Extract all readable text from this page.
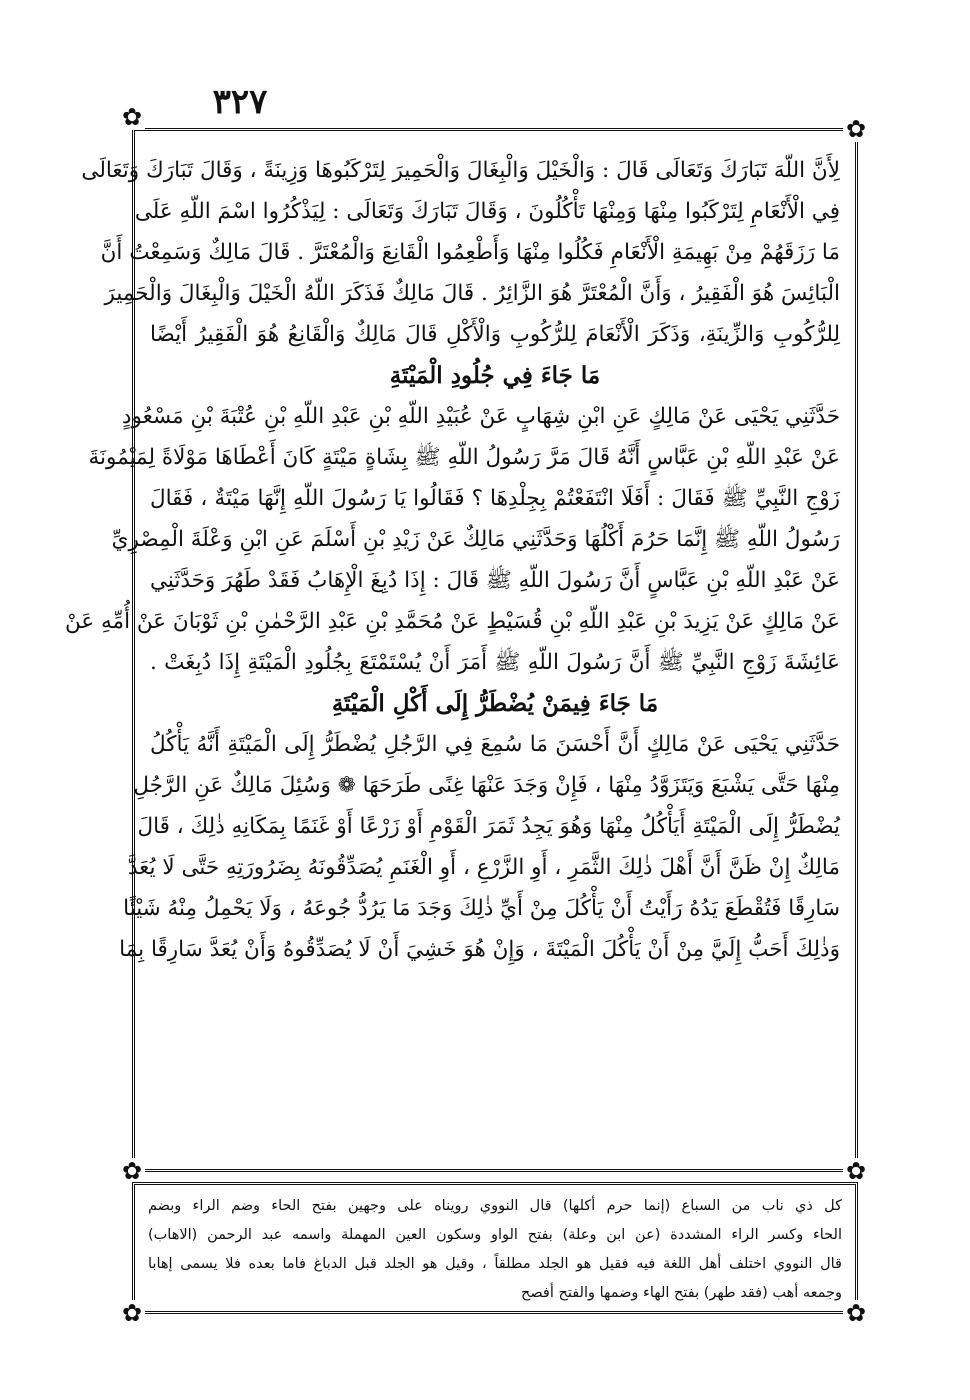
٣٢٧
✿	✿
✿	✿
لِأَنَّ اللّهَ تَبَارَكَ وَتَعَالَى قَالَ : وَالْخَيْلَ وَالْبِغَالَ وَالْحَمِيرَ لِتَرْكَبُوهَا وَزِينَةً ، وَقَالَ تَبَارَكَ وَتَعَالَى
فِي الْأَنْعَامِ لِتَرْكَبُوا مِنْهَا وَمِنْهَا تَأْكُلُونَ ، وَقَالَ تَبَارَكَ وَتَعَالَى : لِيَذْكُرُوا اسْمَ اللّهِ عَلَى
مَا رَزَقَهُمْ مِنْ بَهِيمَةِ الْأَنْعَامِ فَكُلُوا مِنْهَا وَأَطْعِمُوا الْقَانِعَ وَالْمُعْتَرَّ . قَالَ مَالِكٌ وَسَمِعْتُ أَنَّ
الْبَائِسَ هُوَ الْفَقِيرُ ، وَأَنَّ الْمُعْتَرَّ هُوَ الزَّائِرُ . قَالَ مَالِكٌ فَذَكَرَ اللّهُ الْخَيْلَ وَالْبِغَالَ وَالْحَمِيرَ
لِلرُّكُوبِ وَالزِّينَةِ، وَذَكَرَ الْأَنْعَامَ لِلرُّكُوبِ وَالْأَكْلِ قَالَ مَالِكٌ وَالْقَانِعُ هُوَ الْفَقِيرُ أَيْضًا
مَا جَاءَ فِي جُلُودِ الْمَيْتَةِ
حَدَّثَنِي يَحْيَى عَنْ مَالِكٍ عَنِ ابْنِ شِهَابٍ عَنْ عُبَيْدِ اللّهِ بْنِ عَبْدِ اللّهِ بْنِ عُتْبَةَ بْنِ مَسْعُودٍ
عَنْ عَبْدِ اللّهِ بْنِ عَبَّاسٍ أَنَّهُ قَالَ مَرَّ رَسُولُ اللّهِ ﷺ بِشَاةٍ مَيْتَةٍ كَانَ أَعْطَاهَا مَوْلَاةً لِمَيْمُونَةَ
زَوْجِ النَّبِيِّ ﷺ فَقَالَ : أَفَلَا انْتَفَعْتُمْ بِجِلْدِهَا ؟ فَقَالُوا يَا رَسُولَ اللّهِ إِنَّهَا مَيْتَةٌ ، فَقَالَ
رَسُولُ اللّهِ ﷺ إِنَّمَا حَرُمَ أَكْلُهَا وَحَدَّثَنِي مَالِكٌ عَنْ زَيْدِ بْنِ أَسْلَمَ عَنِ ابْنِ وَعْلَةَ الْمِصْرِيِّ
عَنْ عَبْدِ اللّهِ بْنِ عَبَّاسٍ أَنَّ رَسُولَ اللّهِ ﷺ قَالَ : إِذَا دُبِغَ الْإِهَابُ فَقَدْ طَهُرَ وَحَدَّثَنِي
عَنْ مَالِكٍ عَنْ يَزِيدَ بْنِ عَبْدِ اللّهِ بْنِ قُسَيْطٍ عَنْ مُحَمَّدِ بْنِ عَبْدِ الرَّحْمٰنِ بْنِ ثَوْبَانَ عَنْ أُمِّهِ عَنْ
عَائِشَةَ زَوْجِ النَّبِيِّ ﷺ أَنَّ رَسُولَ اللّهِ ﷺ أَمَرَ أَنْ يُسْتَمْتَعَ بِجُلُودِ الْمَيْتَةِ إِذَا دُبِغَتْ .
مَا جَاءَ فِيمَنْ يُضْطَرُّ إِلَى أَكْلِ الْمَيْتَةِ
حَدَّثَنِي يَحْيَى عَنْ مَالِكٍ أَنَّ أَحْسَنَ مَا سُمِعَ فِي الرَّجُلِ يُضْطَرُّ إِلَى الْمَيْتَةِ أَنَّهُ يَأْكُلُ
مِنْهَا حَتَّى يَشْبَعَ وَيَتَزَوَّدُ مِنْهَا ، فَإِنْ وَجَدَ عَنْهَا غِنًى طَرَحَهَا ❁ وَسُئِلَ مَالِكٌ عَنِ الرَّجُلِ
يُضْطَرُّ إِلَى الْمَيْتَةِ أَيَأْكُلُ مِنْهَا وَهُوَ يَجِدُ ثَمَرَ الْقَوْمِ أَوْ زَرْعًا أَوْ غَنَمًا بِمَكَانِهِ ذٰلِكَ ، قَالَ
مَالِكٌ إِنْ ظَنَّ أَنَّ أَهْلَ ذٰلِكَ الثَّمَرِ ، أَوِ الزَّرْعِ ، أَوِ الْغَنَمِ يُصَدِّقُونَهُ بِضَرُورَتِهِ حَتَّى لَا يُعَدَّ
سَارِقًا فَتُقْطَعَ يَدُهُ رَأَيْتُ أَنْ يَأْكُلَ مِنْ أَيِّ ذٰلِكَ وَجَدَ مَا يَرُدُّ جُوعَهُ ، وَلَا يَحْمِلُ مِنْهُ شَيْئًا
وَذٰلِكَ أَحَبُّ إِلَيَّ مِنْ أَنْ يَأْكُلَ الْمَيْتَةَ ، وَإِنْ هُوَ خَشِيَ أَنْ لَا يُصَدِّقُوهُ وَأَنْ يُعَدَّ سَارِقًا بِمَا
✿	✿
كل ذي ناب من السباع (إنما حرم أكلها) قال النووي رويناه على وجهين بفتح الحاء وضم الراء وبضم
الحاء وكسر الراء المشددة (عن ابن وعلة) بفتح الواو وسكون العين المهملة واسمه عبد الرحمن (الاهاب)
قال النووي اختلف أهل اللغة فيه فقيل هو الجلد مطلقاً ، وقيل هو الجلد قبل الدباغ فاما بعده فلا يسمى إهابا
وجمعه أهب (فقد طهر) بفتح الهاء وضمها والفتح أفصح
